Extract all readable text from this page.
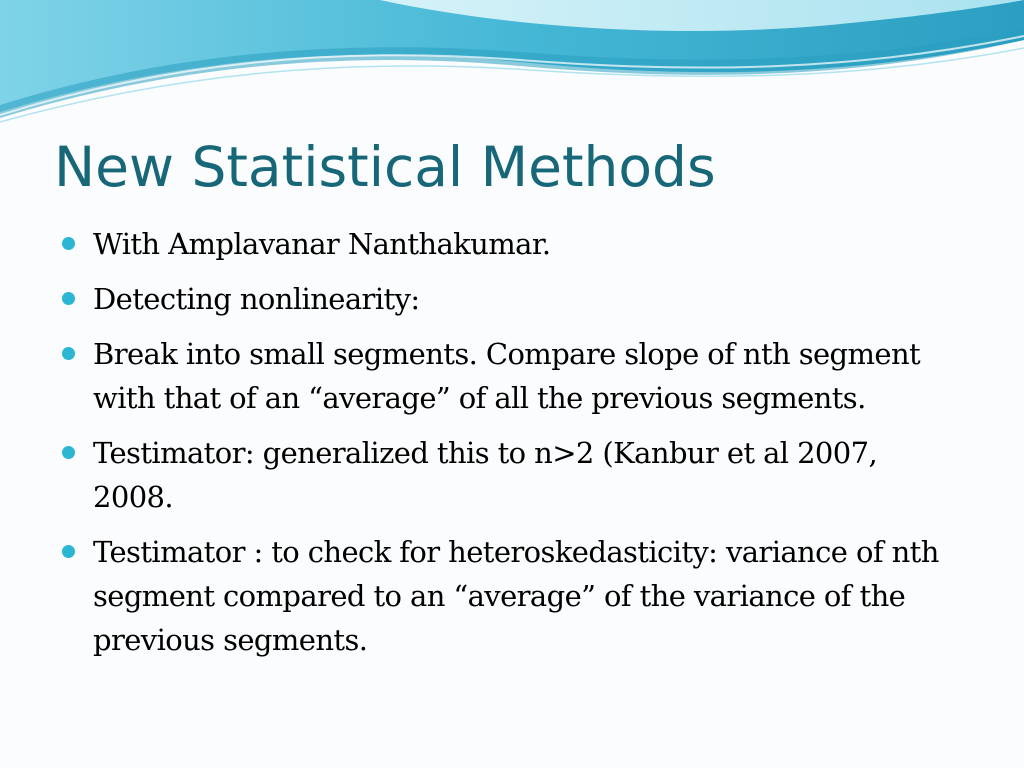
New Statistical Methods
With Amplavanar Nanthakumar.
Detecting nonlinearity:
Break into small segments. Compare slope of nth segment with that of an “average” of all the previous segments.
Testimator: generalized this to n>2 (Kanbur et al 2007, 2008.
Testimator : to check for heteroskedasticity: variance of nth segment compared to an “average” of the variance of the previous segments.
